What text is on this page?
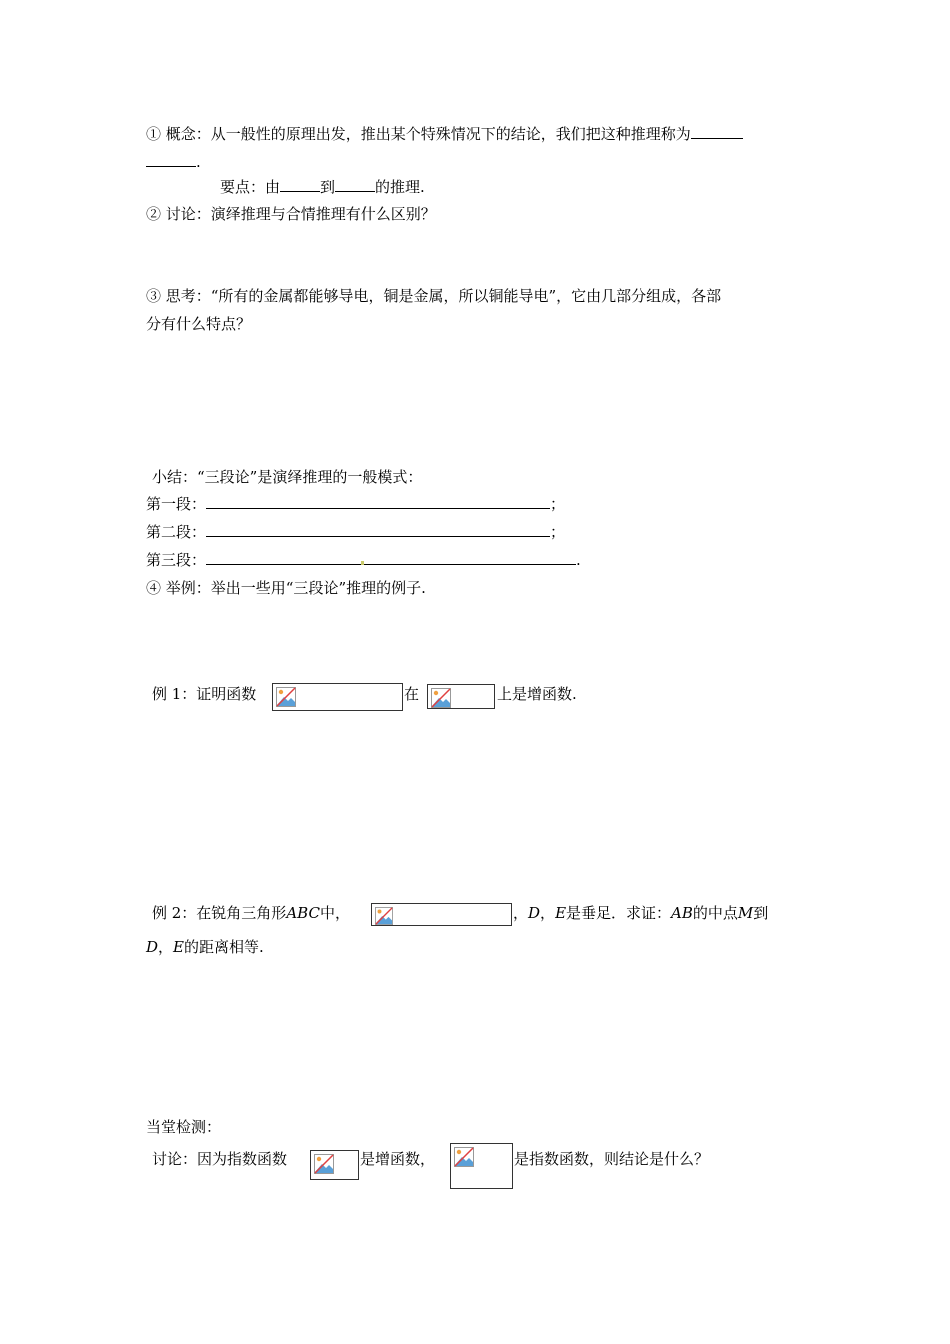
① 概念：从一般性的原理出发，推出某个特殊情况下的结论，我们把这种推理称为
.
要点：由	到	的推理.
② 讨论：演绎推理与合情推理有什么区别？
③ 思考：“所有的金属都能够导电，铜是金属，所以铜能导电”，它由几部分组成，各部
分有什么特点？
小结：“三段论”是演绎推理的一般模式：
第一段：	；
第二段：	；
第三段：	.
④ 举例：举出一些用“三段论”推理的例子.
例 1：证明函数	在	上是增函数.
例 2：在锐角三角形ABC中，	，D，E是垂足．求证：AB的中点M到
D，E的距离相等.
当堂检测：
讨论：因为指数函数	是增函数，	是指数函数，则结论是什么？
